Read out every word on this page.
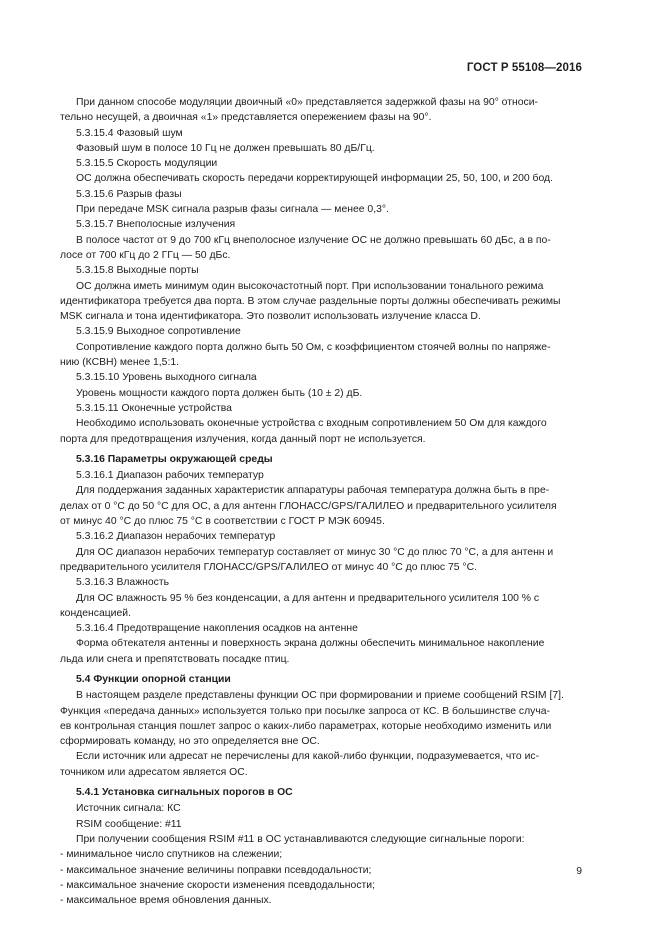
ГОСТ Р 55108—2016

При данном способе модуляции двоичный «0» представляется задержкой фазы на 90° относи-

тельно несущей, а двоичная «1» представляется опережением фазы на 90°.

5.3.15.4 Фазовый шум

Фазовый шум в полосе 10 Гц не должен превышать 80 дБ/Гц.

5.3.15.5 Скорость модуляции

ОС должна обеспечивать скорость передачи корректирующей информации 25, 50, 100, и 200 бод.

5.3.15.6 Разрыв фазы

При передаче MSK сигнала разрыв фазы сигнала — менее 0,3°.

5.3.15.7 Внеполосные излучения

В полосе частот от 9 до 700 кГц внеполосное излучение ОС не должно превышать 60 дБс, а в по-

лосе от 700 кГц до 2 ГГц — 50 дБс.

5.3.15.8 Выходные порты

ОС должна иметь минимум один высокочастотный порт. При использовании тонального режима

идентификатора требуется два порта. В этом случае раздельные порты должны обеспечивать режимы

MSK сигнала и тона идентификатора. Это позволит использовать излучение класса D.

5.3.15.9 Выходное сопротивление

Сопротивление каждого порта должно быть 50 Ом, с коэффициентом стоячей волны по напряже-

нию (КСВН) менее 1,5:1.

5.3.15.10 Уровень выходного сигнала

Уровень мощности каждого порта должен быть (10 ± 2) дБ.

5.3.15.11 Оконечные устройства

Необходимо использовать оконечные устройства с входным сопротивлением 50 Ом для каждого

порта для предотвращения излучения, когда данный порт не используется.

5.3.16 Параметры окружающей среды

5.3.16.1 Диапазон рабочих температур

Для поддержания заданных характеристик аппаратуры рабочая температура должна быть в пре-

делах от 0 °С до 50 °С для ОС, а для антенн ГЛОНАСС/GPS/ГАЛИЛЕО и предварительного усилителя

от минус 40 °С до плюс 75 °С в соответствии с ГОСТ Р МЭК 60945.

5.3.16.2 Диапазон нерабочих температур

Для ОС диапазон нерабочих температур составляет от минус 30 °С до плюс 70 °С, а для антенн и

предварительного усилителя ГЛОНАСС/GPS/ГАЛИЛЕО от минус 40 °С до плюс 75 °С.

5.3.16.3 Влажность

Для ОС влажность 95 % без конденсации, а для антенн и предварительного усилителя 100 % с

конденсацией.

5.3.16.4 Предотвращение накопления осадков на антенне

Форма обтекателя антенны и поверхность экрана должны обеспечить минимальное накопление

льда или снега и препятствовать посадке птиц.

5.4 Функции опорной станции

В настоящем разделе представлены функции ОС при формировании и приеме сообщений RSIM [7].

Функция «передача данных» используется только при посылке запроса от КС. В большинстве случа-

ев контрольная станция пошлет запрос о каких-либо параметрах, которые необходимо изменить или

сформировать команду, но это определяется вне ОС.

Если источник или адресат не перечислены для какой-либо функции, подразумевается, что ис-

точником или адресатом является ОС.

5.4.1 Установка сигнальных порогов в ОС

Источник сигнала: КС

RSIM сообщение: #11

При получении сообщения RSIM #11 в ОС устанавливаются следующие сигнальные пороги:

- минимальное число спутников на слежении;

- максимальное значение величины поправки псевдодальности;

- максимальное значение скорости изменения псевдодальности;

- максимальное время обновления данных.

9
